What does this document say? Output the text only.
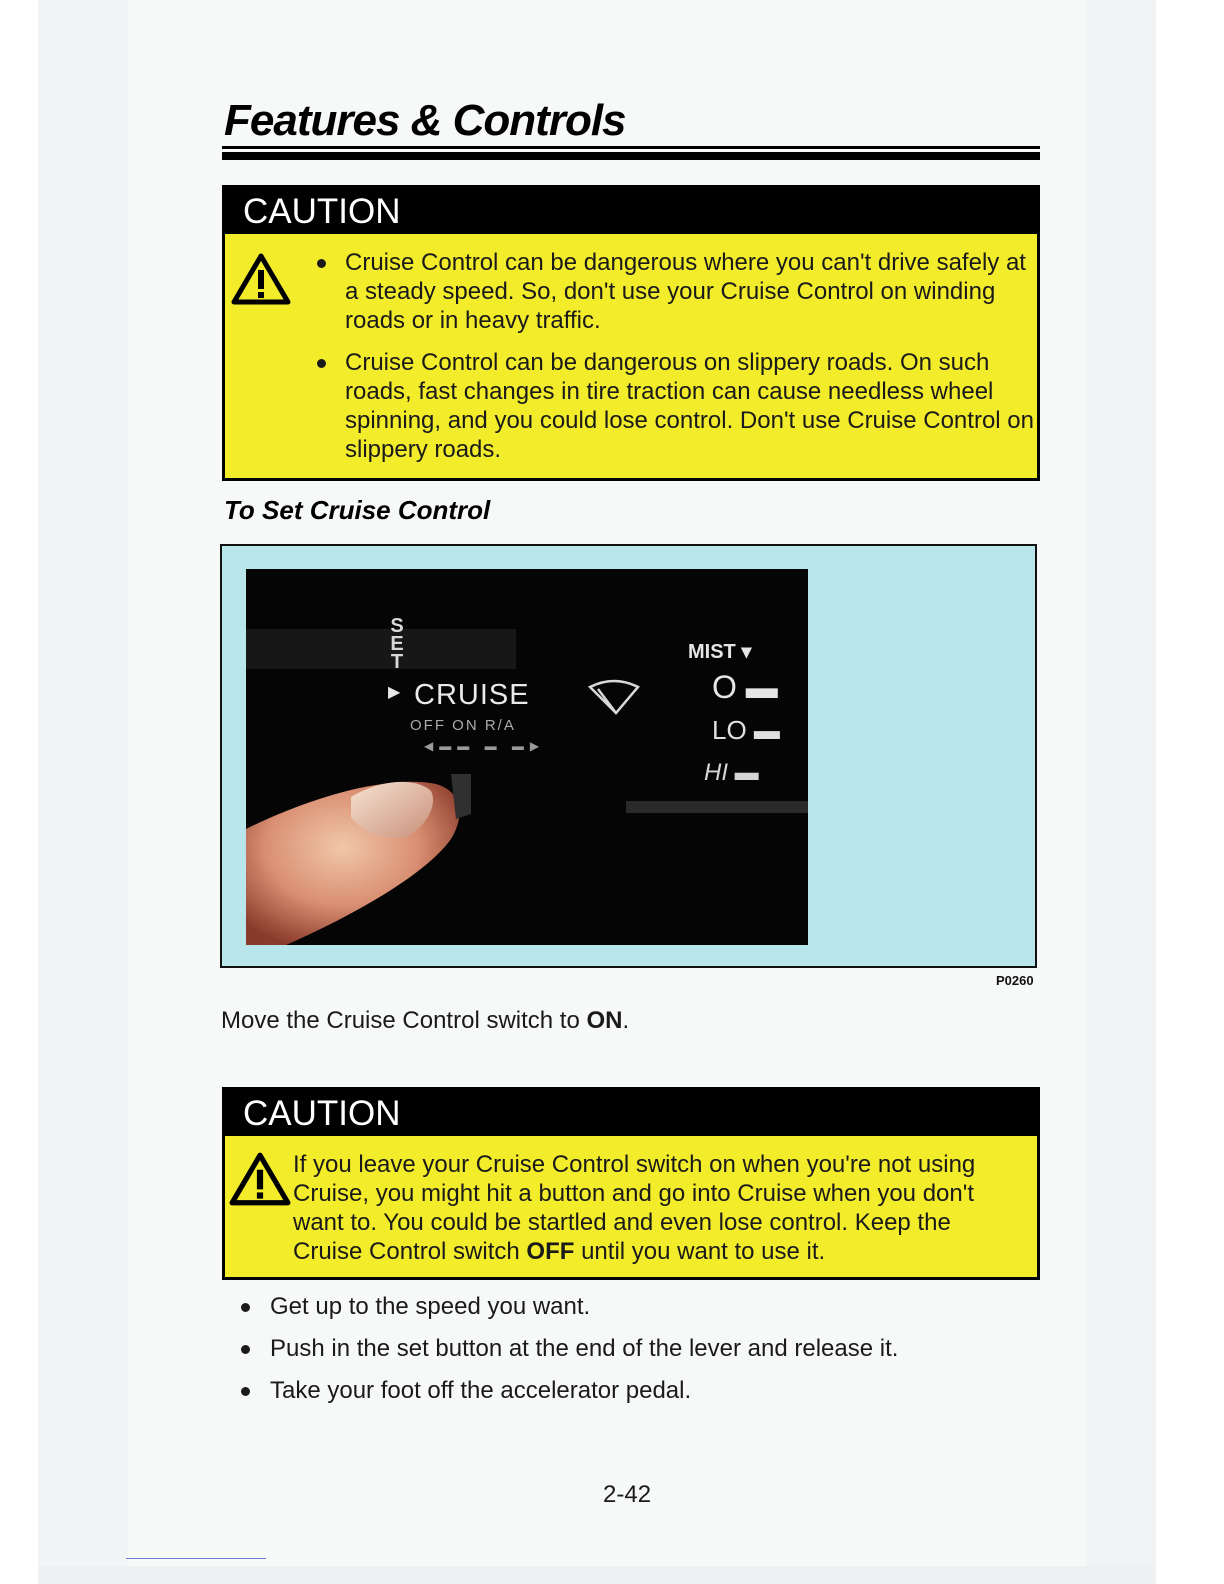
Features & Controls
CAUTION
Cruise Control can be dangerous where you can't drive safely at a steady speed. So, don't use your Cruise Control on winding roads or in heavy traffic.
Cruise Control can be dangerous on slippery roads. On such roads, fast changes in tire traction can cause needless wheel spinning, and you could lose control. Don't use Cruise Control on slippery roads.
To Set Cruise Control
SET
▶ CRUISE
OFF ON R/A
◀▬▬ ▬ ▬▶
MIST ▾
O ▬
LO ▬
HI ▬
P0260
Move the Cruise Control switch to ON.
CAUTION

If you leave your Cruise Control switch on when you're not using Cruise, you might hit a button and go into Cruise when you don't want to. You could be startled and even lose control. Keep the Cruise Control switch OFF until you want to use it.

Get up to the speed you want.
Push in the set button at the end of the lever and release it.
Take your foot off the accelerator pedal.
2-42
